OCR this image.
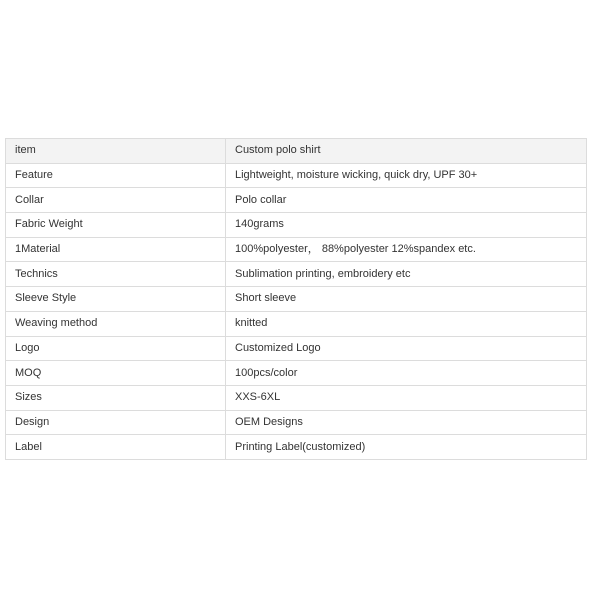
item	Custom polo shirt
Feature	Lightweight, moisture wicking, quick dry, UPF 30+
Collar	Polo collar
Fabric Weight	140grams
1Material	100%polyester， 88%polyester 12%spandex etc.
Technics	Sublimation printing, embroidery etc
Sleeve Style	Short sleeve
Weaving method	knitted
Logo	Customized Logo
MOQ	100pcs/color
Sizes	XXS-6XL
Design	OEM Designs
Label	Printing Label(customized)
